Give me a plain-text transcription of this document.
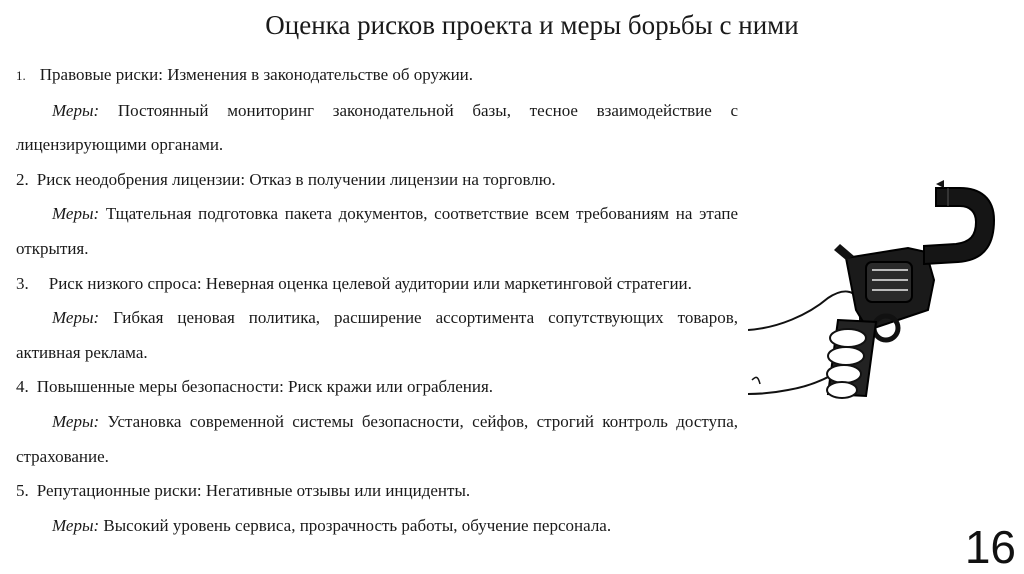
Оценка рисков проекта и меры борьбы с ними

1. Правовые риски: Изменения в законодательстве об оружии.

Меры: Постоянный мониторинг законодательной базы, тесное взаимодействие с лицензирующими органами.

2. Риск неодобрения лицензии: Отказ в получении лицензии на торговлю.

Меры: Тщательная подготовка пакета документов, соответствие всем требованиям на этапе открытия.

3. Риск низкого спроса: Неверная оценка целевой аудитории или маркетинговой стратегии.

Меры: Гибкая ценовая политика, расширение ассортимента сопутствующих товаров, активная реклама.

4. Повышенные меры безопасности: Риск кражи или ограбления.

Меры: Установка современной системы безопасности, сейфов, строгий контроль доступа, страхование.

5. Репутационные риски: Негативные отзывы или инциденты.

Меры: Высокий уровень сервиса, прозрачность работы, обучение персонала.	16
